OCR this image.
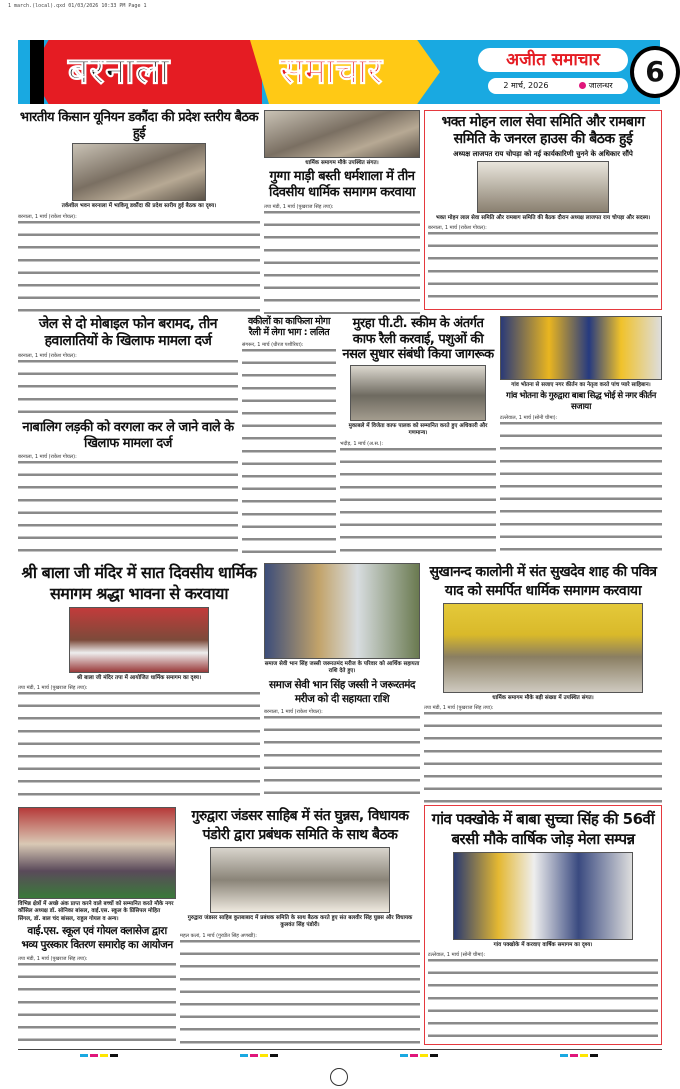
1 march.(local).qxd 01/03/2026 10:33 PM Page 1
बरनाला	समाचार	अजीत समाचार
2 मार्च, 2026	जालन्धर	6
भारतीय किसान यूनियन डकौंदा की प्रदेश स्तरीय बैठक हुई
तर्कशील भवन बरनाला में भाकियू डकौंदा की प्रदेश स्तरीय हुई बैठक का दृश्य।
बरनाला, 1 मार्च (राकेश गोयल):
धार्मिक समागम मौके उपस्थित संगत।
गुग्गा माड़ी बस्ती धर्मशाला में तीन दिवसीय धार्मिक समागम करवाया
तपा मंडी, 1 मार्च (पुखराज सिंह तपा):
भक्त मोहन लाल सेवा समिति और रामबाग समिति के जनरल हाउस की बैठक हुई
अध्यक्ष लाजपत राय चोपड़ा को नई कार्यकारिणी चुनने के अधिकार सौंपे
भक्त मोहन लाल सेवा समिति और रामबाग समिति की बैठक दौरान अध्यक्ष लाजपत राय चोपड़ा और सदस्य।
बरनाला, 1 मार्च (राकेश गोयल):
जेल से दो मोबाइल फोन बरामद, तीन हवालातियों के खिलाफ मामला दर्ज
बरनाला, 1 मार्च (राकेश गोयल):
नाबालिग लड़की को वरगला कर ले जाने वाले के खिलाफ मामला दर्ज
बरनाला, 1 मार्च (राकेश गोयल):
वकीलों का काफिला मोगा रैली में लेगा भाग : ललित
संगरूर, 1 मार्च (धीरज पशौरिया):
मुरहा पी.टी. स्कीम के अंतर्गत काफ रैली करवाई, पशुओं की नसल सुधार संबंधी किया जागरूक
मुकाबले में विजेता काफ पालक को सम्मानित करते हुए अधिकारी और गणमान्य।
भदौड़, 1 मार्च (अ.स.):
गांव भोतना से सजाए नगर कीर्तन का नेतृत्व करते पांच प्यारे साहिबान।
गांव भोतना के गुरुद्वारा बाबा सिद्ध भोई से नगर कीर्तन सजाया
टल्लेवाल, 1 मार्च (सोनी चीमा):
श्री बाला जी मंदिर में सात दिवसीय धार्मिक समागम श्रद्धा भावना से करवाया
श्री बाला जी मंदिर तपा में आयोजित धार्मिक समागम का दृश्य।
तपा मंडी, 1 मार्च (पुखराज सिंह तपा):
समाज सेवी भान सिंह जस्सी जरूरतमंद मरीज के परिवार को आर्थिक सहायता राशि देते हुए।
समाज सेवी भान सिंह जस्सी ने जरूरतमंद मरीज को दी सहायता राशि
बरनाला, 1 मार्च (राकेश गोयल):
सुखानन्द कालोनी में संत सुखदेव शाह की पवित्र याद को समर्पित धार्मिक समागम करवाया
धार्मिक समागम मौके बड़ी संख्या में उपस्थित संगत।
तपा मंडी, 1 मार्च (पुखराज सिंह तपा):
विभिन्न क्षेत्रों में अच्छे अंक प्राप्त करने वाले बच्चों को सम्मानित करते मौके नगर कौंसिल अध्यक्ष डॉ. सोनिका बांसल, वाई.एस. स्कूल के प्रिंसिपल मोहित सिंगल, डॉ. बाल चंद बांसल, राहुल गोयल व अन्य।
वाई.एस. स्कूल एवं गोयल क्लासेज द्वारा भव्य पुरस्कार वितरण समारोह का आयोजन
तपा मंडी, 1 मार्च (पुखराज सिंह तपा):
गुरुद्वारा जंडसर साहिब में संत घुन्नस, विधायक पंडोरी द्वारा प्रबंधक समिति के साथ बैठक
गुरुद्वारा जंडसर साहिब कुतबाबाद में प्रबंधक समिति के साथ बैठक करते हुए संत बलवीर सिंह घुन्नस और विधायक कुलवंत सिंह पंडोरी।
महल कलां, 1 मार्च (गुरप्रीत सिंह अणखी):
गांव पक्खोके में बाबा सुच्चा सिंह की 56वीं बरसी मौके वार्षिक जोड़ मेला सम्पन्न
गांव पक्खोके में करवाए वार्षिक समागम का दृश्य।
टल्लेवाल, 1 मार्च (सोनी चीमा):
